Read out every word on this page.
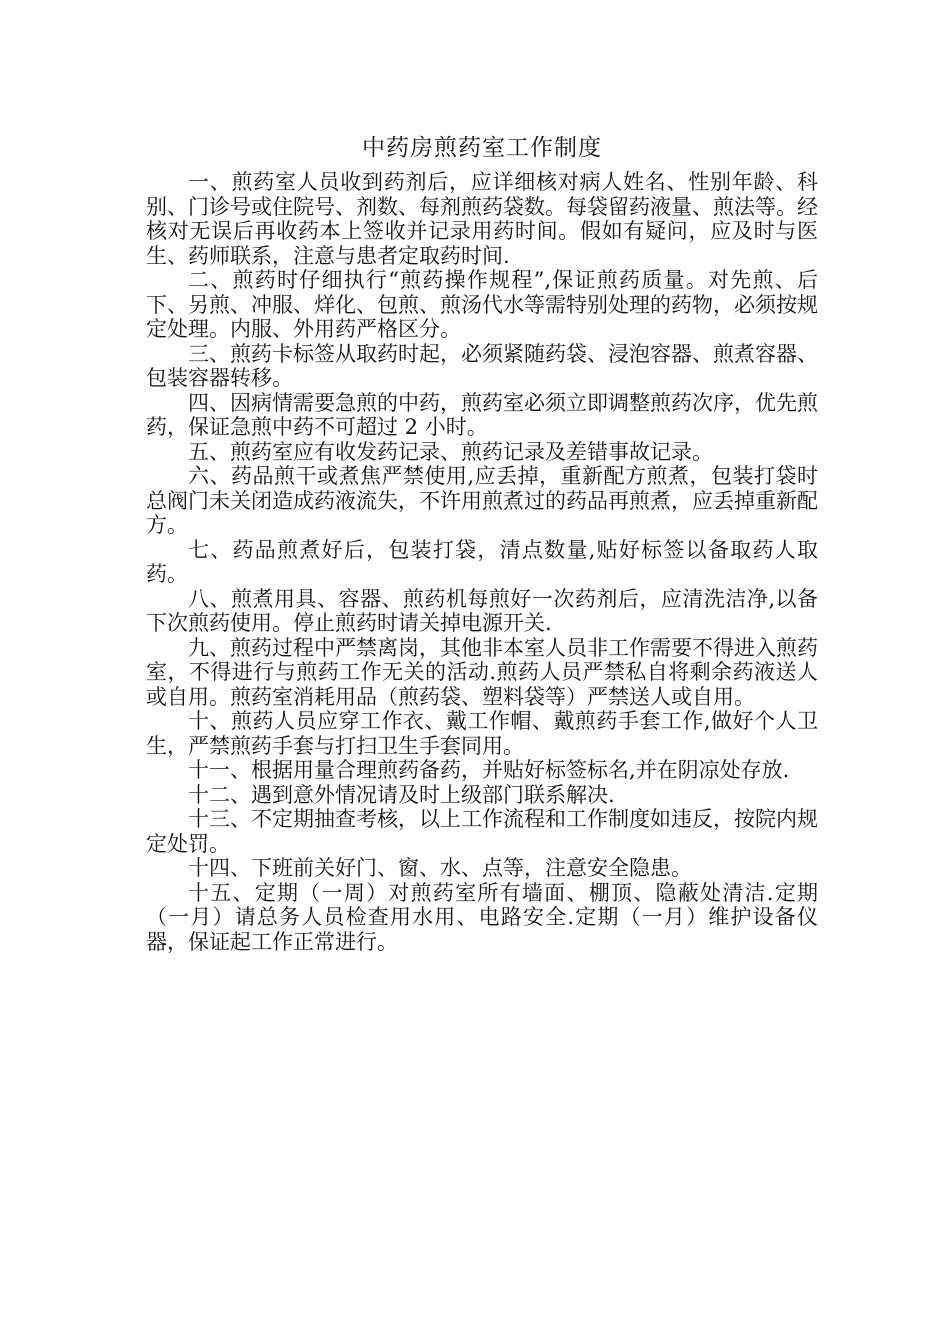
中药房煎药室工作制度

一、煎药室人员收到药剂后，应详细核对病人姓名、性别年龄、科别、门诊号或住院号、剂数、每剂煎药袋数。每袋留药液量、煎法等。经核对无误后再收药本上签收并记录用药时间。假如有疑问，应及时与医生、药师联系，注意与患者定取药时间.

二、煎药时仔细执行“煎药操作规程”,保证煎药质量。对先煎、后下、另煎、冲服、烊化、包煎、煎汤代水等需特别处理的药物，必须按规定处理。内服、外用药严格区分。

三、煎药卡标签从取药时起，必须紧随药袋、浸泡容器、煎煮容器、包装容器转移。

四、因病情需要急煎的中药，煎药室必须立即调整煎药次序，优先煎药，保证急煎中药不可超过 2 小时。

五、煎药室应有收发药记录、煎药记录及差错事故记录。

六、药品煎干或煮焦严禁使用,应丢掉，重新配方煎煮，包装打袋时总阀门未关闭造成药液流失，不许用煎煮过的药品再煎煮，应丢掉重新配方。

七、药品煎煮好后，包装打袋，清点数量,贴好标签以备取药人取药。

八、煎煮用具、容器、煎药机每煎好一次药剂后，应清洗洁净,以备下次煎药使用。停止煎药时请关掉电源开关.

九、煎药过程中严禁离岗，其他非本室人员非工作需要不得进入煎药室，不得进行与煎药工作无关的活动.煎药人员严禁私自将剩余药液送人或自用。煎药室消耗用品（煎药袋、塑料袋等）严禁送人或自用。

十、煎药人员应穿工作衣、戴工作帽、戴煎药手套工作,做好个人卫生，严禁煎药手套与打扫卫生手套同用。

十一、根据用量合理煎药备药，并贴好标签标名,并在阴凉处存放.

十二、遇到意外情况请及时上级部门联系解决.

十三、不定期抽查考核，以上工作流程和工作制度如违反，按院内规定处罚。

十四、下班前关好门、窗、水、点等，注意安全隐患。

十五、定期（一周）对煎药室所有墙面、棚顶、隐蔽处清洁.定期（一月）请总务人员检查用水用、电路安全.定期（一月）维护设备仪器，保证起工作正常进行。
